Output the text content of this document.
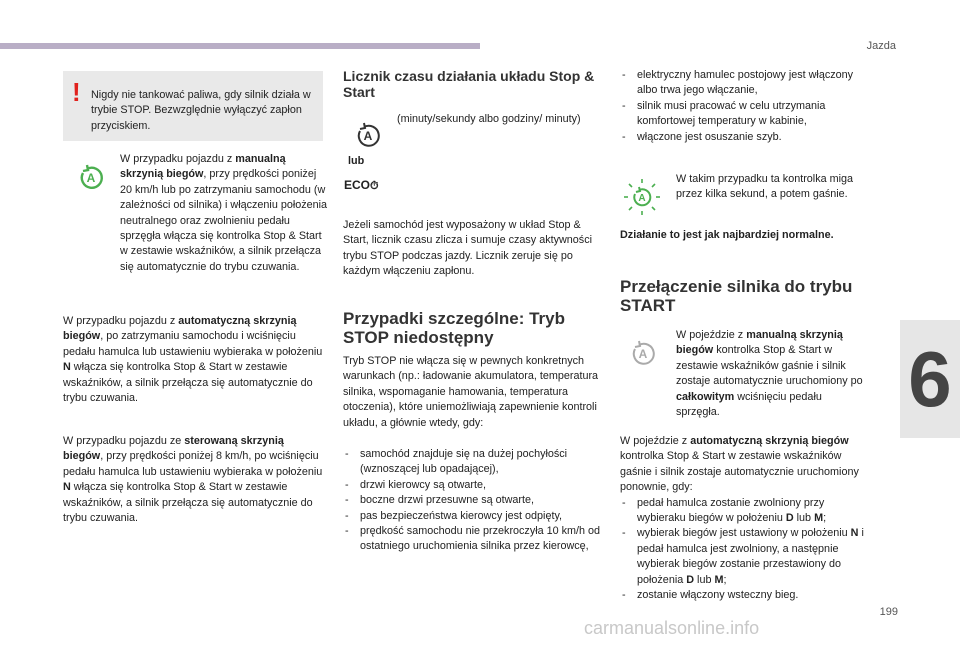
Jazda
6
199
carmanualsonline.info
! Nigdy nie tankować paliwa, gdy silnik działa w trybie STOP. Bezwzględnie wyłączyć zapłon przyciskiem.

A

W przypadku pojazdu z manualną skrzynią biegów, przy prędkości poniżej 20 km/h lub po zatrzymaniu samochodu (w zależności od silnika) i włączeniu położenia neutralnego oraz zwolnieniu pedału sprzęgła włącza się kontrolka Stop & Start w zestawie wskaźników, a silnik przełącza się automatycznie do trybu czuwania.

W przypadku pojazdu z automatyczną skrzynią biegów, po zatrzymaniu samochodu i wciśnięciu pedału hamulca lub ustawieniu wybieraka w położeniu N włącza się kontrolka Stop & Start w zestawie wskaźników, a silnik przełącza się automatycznie do trybu czuwania.

W przypadku pojazdu ze sterowaną skrzynią biegów, przy prędkości poniżej 8 km/h, po wciśnięciu pedału hamulca lub ustawieniu wybieraka w położeniu N włącza się kontrolka Stop & Start w zestawie wskaźników, a silnik przełącza się automatycznie do trybu czuwania.

Licznik czasu działania układu Stop & Start
A
(minuty/sekundy albo godziny/ minuty)
lub
ECO⏱
Jeżeli samochód jest wyposażony w układ Stop & Start, licznik czasu zlicza i sumuje czasy aktywności trybu STOP podczas jazdy. Licznik zeruje się po każdym włączeniu zapłonu.
Przypadki szczególne: Tryb STOP niedostępny
Tryb STOP nie włącza się w pewnych konkretnych warunkach (np.: ładowanie akumulatora, temperatura silnika, wspomaganie hamowania, temperatura otoczenia), które uniemożliwiają zapewnienie kontroli układu, a głównie wtedy, gdy:
- samochód znajduje się na dużej pochyłości (wznoszącej lub opadającej),
- drzwi kierowcy są otwarte,
- boczne drzwi przesuwne są otwarte,
- pas bezpieczeństwa kierowcy jest odpięty,
- prędkość samochodu nie przekroczyła 10 km/h od ostatniego uruchomienia silnika przez kierowcę,
- elektryczny hamulec postojowy jest włączony albo trwa jego włączanie,
- silnik musi pracować w celu utrzymania komfortowej temperatury w kabinie,
- włączone jest osuszanie szyb.
A
W takim przypadku ta kontrolka miga przez kilka sekund, a potem gaśnie.
Działanie to jest jak najbardziej normalne.
Przełączenie silnika do trybu START
A

W pojeździe z manualną skrzynią biegów kontrolka Stop & Start w zestawie wskaźników gaśnie i silnik zostaje automatycznie uruchomiony po całkowitym wciśnięciu pedału sprzęgła.

W pojeździe z automatyczną skrzynią biegów kontrolka Stop & Start w zestawie wskaźników gaśnie i silnik zostaje automatycznie uruchomiony ponownie, gdy:

- pedał hamulca zostanie zwolniony przy wybieraku biegów w położeniu D lub M;
- wybierak biegów jest ustawiony w położeniu N i pedał hamulca jest zwolniony, a następnie wybierak biegów zostanie przestawiony do położenia D lub M;
- zostanie włączony wsteczny bieg.
